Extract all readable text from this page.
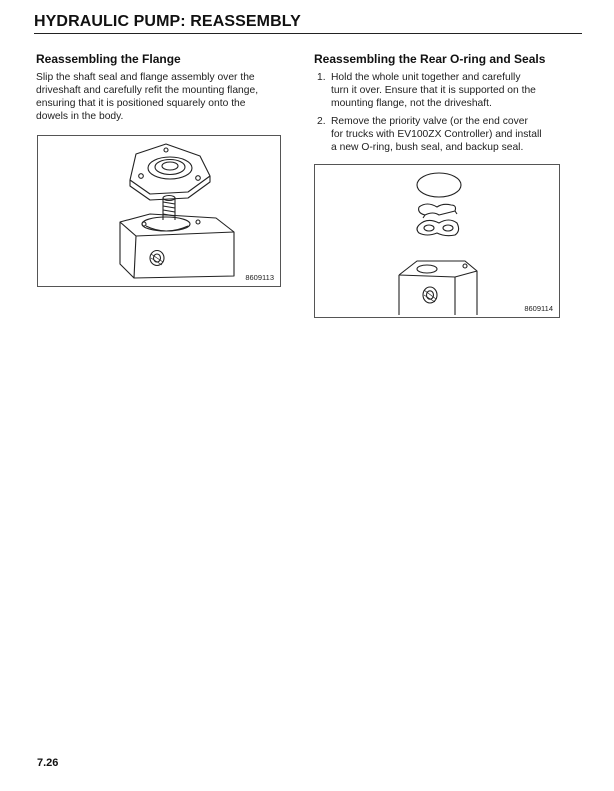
HYDRAULIC PUMP: REASSEMBLY
Reassembling the Flange

Slip the shaft seal and flange assembly over the
driveshaft and carefully refit the mounting flange,
ensuring that it is positioned squarely onto the
dowels in the body.

8609113
Reassembling the Rear O-ring and Seals
1. Hold the whole unit together and carefully
turn it over. Ensure that it is supported on the
mounting flange, not the driveshaft.
2. Remove the priority valve (or the end cover
for trucks with EV100ZX Controller) and install
a new O-ring, bush seal, and backup seal.
8609114
7.26
